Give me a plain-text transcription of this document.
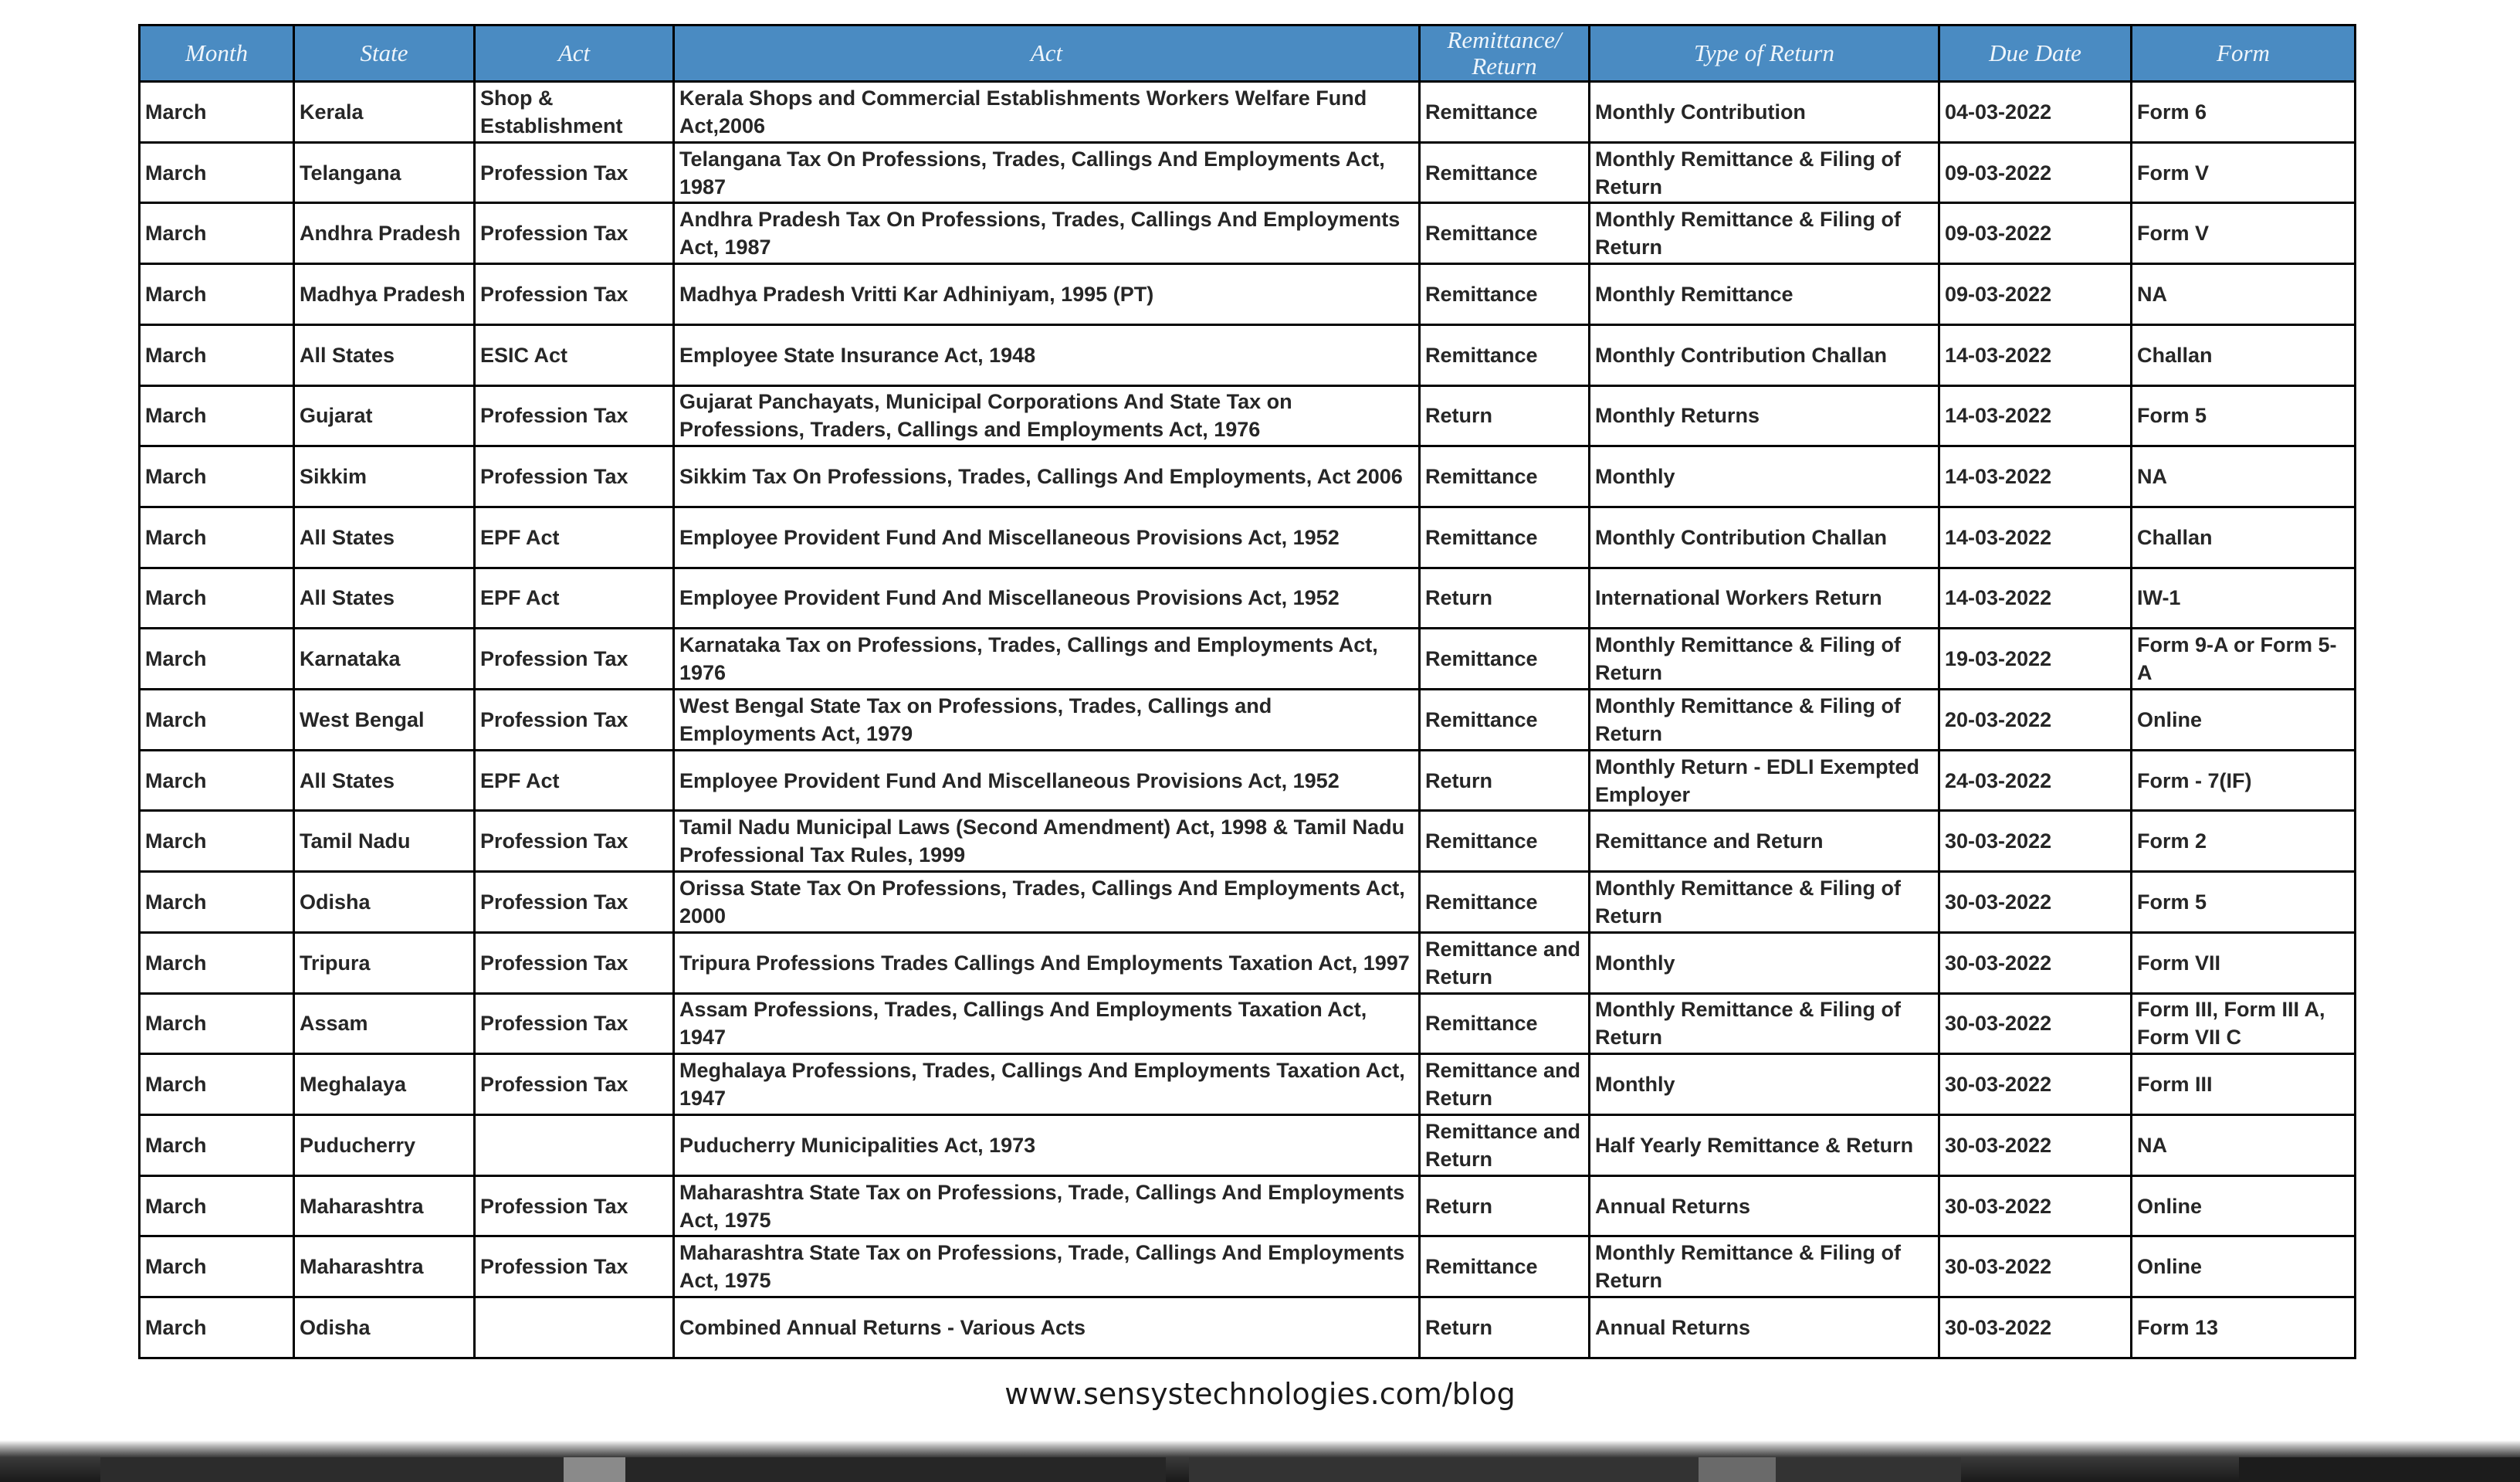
Month	State	Act	Act	Remittance/ Return	Type of Return	Due Date	Form
March	Kerala	Shop & Establishment	Kerala Shops and Commercial Establishments Workers Welfare Fund Act,2006	Remittance	Monthly Contribution	04-03-2022	Form 6
March	Telangana	Profession Tax	Telangana Tax On Professions, Trades, Callings And Employments Act, 1987	Remittance	Monthly Remittance & Filing of Return	09-03-2022	Form V
March	Andhra Pradesh	Profession Tax	Andhra Pradesh Tax On Professions, Trades, Callings And Employments Act, 1987	Remittance	Monthly Remittance & Filing of Return	09-03-2022	Form V
March	Madhya Pradesh	Profession Tax	Madhya Pradesh Vritti Kar Adhiniyam, 1995 (PT)	Remittance	Monthly Remittance	09-03-2022	NA
March	All States	ESIC Act	Employee State Insurance Act, 1948	Remittance	Monthly Contribution Challan	14-03-2022	Challan
March	Gujarat	Profession Tax	Gujarat Panchayats, Municipal Corporations And State Tax on Professions, Traders, Callings and Employments Act, 1976	Return	Monthly Returns	14-03-2022	Form 5
March	Sikkim	Profession Tax	Sikkim Tax On Professions, Trades, Callings And Employments, Act 2006	Remittance	Monthly	14-03-2022	NA
March	All States	EPF Act	Employee Provident Fund And Miscellaneous Provisions Act, 1952	Remittance	Monthly Contribution Challan	14-03-2022	Challan
March	All States	EPF Act	Employee Provident Fund And Miscellaneous Provisions Act, 1952	Return	International Workers Return	14-03-2022	IW-1
March	Karnataka	Profession Tax	Karnataka Tax on Professions, Trades, Callings and Employments Act, 1976	Remittance	Monthly Remittance & Filing of Return	19-03-2022	Form 9-A or Form 5-A
March	West Bengal	Profession Tax	West Bengal State Tax on Professions, Trades, Callings and Employments Act, 1979	Remittance	Monthly Remittance & Filing of Return	20-03-2022	Online
March	All States	EPF Act	Employee Provident Fund And Miscellaneous Provisions Act, 1952	Return	Monthly Return - EDLI Exempted Employer	24-03-2022	Form - 7(IF)
March	Tamil Nadu	Profession Tax	Tamil Nadu Municipal Laws (Second Amendment) Act, 1998 & Tamil Nadu Professional Tax Rules, 1999	Remittance	Remittance and Return	30-03-2022	Form 2
March	Odisha	Profession Tax	Orissa State Tax On Professions, Trades, Callings And Employments Act, 2000	Remittance	Monthly Remittance & Filing of Return	30-03-2022	Form 5
March	Tripura	Profession Tax	Tripura Professions Trades Callings And Employments Taxation Act, 1997	Remittance and Return	Monthly	30-03-2022	Form VII
March	Assam	Profession Tax	Assam Professions, Trades, Callings And Employments Taxation Act, 1947	Remittance	Monthly Remittance & Filing of Return	30-03-2022	Form III, Form III A, Form VII C
March	Meghalaya	Profession Tax	Meghalaya Professions, Trades, Callings And Employments Taxation Act, 1947	Remittance and Return	Monthly	30-03-2022	Form III
March	Puducherry		Puducherry Municipalities Act, 1973	Remittance and Return	Half Yearly Remittance & Return	30-03-2022	NA
March	Maharashtra	Profession Tax	Maharashtra State Tax on Professions, Trade, Callings And Employments Act, 1975	Return	Annual Returns	30-03-2022	Online
March	Maharashtra	Profession Tax	Maharashtra State Tax on Professions, Trade, Callings And Employments Act, 1975	Remittance	Monthly Remittance & Filing of Return	30-03-2022	Online
March	Odisha		Combined Annual Returns - Various Acts	Return	Annual Returns	30-03-2022	Form 13
www.sensystechnologies.com/blog
